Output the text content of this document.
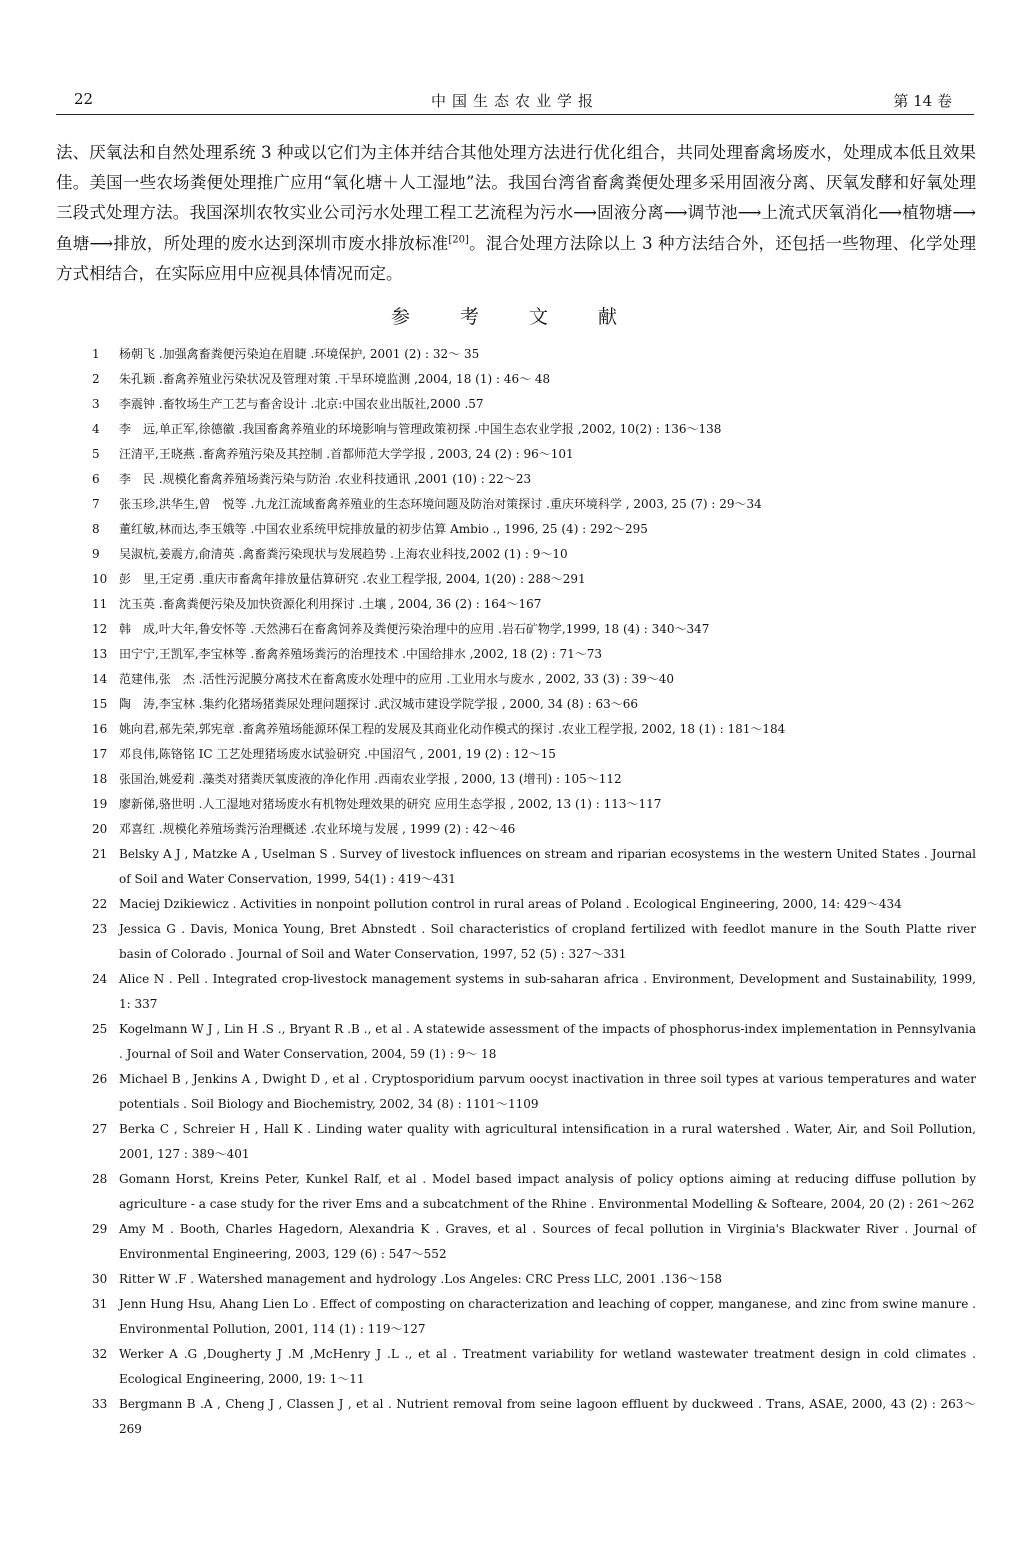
22	中国生态农业学报	第 14 卷

法、厌氧法和自然处理系统 3 种或以它们为主体并结合其他处理方法进行优化组合，共同处理畜禽场废水，处理成本低且效果佳。美国一些农场粪便处理推广应用“氧化塘＋人工湿地”法。我国台湾省畜禽粪便处理多采用固液分离、厌氧发酵和好氧处理三段式处理方法。我国深圳农牧实业公司污水处理工程工艺流程为污水⟶固液分离⟶调节池⟶上流式厌氧消化⟶植物塘⟶鱼塘⟶排放，所处理的废水达到深圳市废水排放标准[20]。混合处理方法除以上 3 种方法结合外，还包括一些物理、化学处理方式相结合，在实际应用中应视具体情况而定。

参 考 文 献
1	杨朝飞 .加强禽畜粪便污染迫在眉睫 .环境保护, 2001 (2) : 32～ 35
2	朱孔颖 .畜禽养殖业污染状况及管理对策 .干旱环境监测 ,2004, 18 (1) : 46～ 48
3	李震钟 .畜牧场生产工艺与畜舍设计 .北京:中国农业出版社,2000 .57
4	李　远,单正军,徐德徽 .我国畜禽养殖业的环境影响与管理政策初探 .中国生态农业学报 ,2002, 10(2) : 136～138
5	汪清平,王晓燕 .畜禽养殖污染及其控制 .首都师范大学学报 , 2003, 24 (2) : 96～101
6	李　民 .规模化畜禽养殖场粪污染与防治 .农业科技通讯 ,2001 (10) : 22～23
7	张玉珍,洪华生,曾　悦等 .九龙江流域畜禽养殖业的生态环境问题及防治对策探讨 .重庆环境科学 , 2003, 25 (7) : 29～34
8	董红敏,林而达,李玉娥等 .中国农业系统甲烷排放量的初步估算 Ambio ., 1996, 25 (4) : 292～295
9	吴淑杭,姜震方,俞清英 .禽畜粪污染现状与发展趋势 .上海农业科技,2002 (1) : 9～10
10 彭　里,王定勇 .重庆市畜禽年排放量估算研究 .农业工程学报, 2004, 1(20) : 288～291
11 沈玉英 .畜禽粪便污染及加快资源化利用探讨 .土壤 , 2004, 36 (2) : 164～167
12 韩　成,叶大年,鲁安怀等 .天然沸石在畜禽饲养及粪便污染治理中的应用 .岩石矿物学,1999, 18 (4) : 340～347
13 田宁宁,王凯军,李宝林等 .畜禽养殖场粪污的治理技术 .中国给排水 ,2002, 18 (2) : 71～73
14 范建伟,张　杰 .活性污泥膜分离技术在畜禽废水处理中的应用 .工业用水与废水 , 2002, 33 (3) : 39～40
15 陶　涛,李宝林 .集约化猪场猪粪尿处理问题探讨 .武汉城市建设学院学报 , 2000, 34 (8) : 63～66
16 姚向君,郝先荣,郭宪章 .畜禽养殖场能源环保工程的发展及其商业化动作模式的探讨 .农业工程学报, 2002, 18 (1) : 181～184
17 邓良伟,陈铬铭 IC 工艺处理猪场废水试验研究 .中国沼气 , 2001, 19 (2) : 12～15
18 张国治,姚爱莉 .藻类对猪粪厌氧废液的净化作用 .西南农业学报 , 2000, 13 (增刊) : 105～112
19 廖新俤,骆世明 .人工湿地对猪场废水有机物处理效果的研究 应用生态学报 , 2002, 13 (1) : 113～117
20 邓喜红 .规模化养殖场粪污治理概述 .农业环境与发展 , 1999 (2) : 42～46
21 Belsky A J , Matzke A , Uselman S . Survey of livestock influences on stream and riparian ecosystems in the western United States . Journal of Soil and Water Conservation, 1999, 54(1) : 419～431
22 Maciej Dzikiewicz . Activities in nonpoint pollution control in rural areas of Poland . Ecological Engineering, 2000, 14: 429～434
23 Jessica G . Davis, Monica Young, Bret Abnstedt . Soil characteristics of cropland fertilized with feedlot manure in the South Platte river basin of Colorado . Journal of Soil and Water Conservation, 1997, 52 (5) : 327～331
24 Alice N . Pell . Integrated crop-livestock management systems in sub-saharan africa . Environment, Development and Sustainability, 1999, 1: 337
25 Kogelmann W J , Lin H .S ., Bryant R .B ., et al . A statewide assessment of the impacts of phosphorus-index implementation in Pennsylvania . Journal of Soil and Water Conservation, 2004, 59 (1) : 9～ 18
26 Michael B , Jenkins A , Dwight D , et al . Cryptosporidium parvum oocyst inactivation in three soil types at various temperatures and water potentials . Soil Biology and Biochemistry, 2002, 34 (8) : 1101～1109
27 Berka C , Schreier H , Hall K . Linding water quality with agricultural intensification in a rural watershed . Water, Air, and Soil Pollution, 2001, 127 : 389～401
28 Gomann Horst, Kreins Peter, Kunkel Ralf, et al . Model based impact analysis of policy options aiming at reducing diffuse pollution by agriculture - a case study for the river Ems and a subcatchment of the Rhine . Environmental Modelling & Softeare, 2004, 20 (2) : 261～262
29 Amy M . Booth, Charles Hagedorn, Alexandria K . Graves, et al . Sources of fecal pollution in Virginia's Blackwater River . Journal of Environmental Engineering, 2003, 129 (6) : 547～552
30 Ritter W .F . Watershed management and hydrology .Los Angeles: CRC Press LLC, 2001 .136～158
31 Jenn Hung Hsu, Ahang Lien Lo . Effect of composting on characterization and leaching of copper, manganese, and zinc from swine manure . Environmental Pollution, 2001, 114 (1) : 119～127
32 Werker A .G ,Dougherty J .M ,McHenry J .L ., et al . Treatment variability for wetland wastewater treatment design in cold climates . Ecological Engineering, 2000, 19: 1～11
33 Bergmann B .A , Cheng J , Classen J , et al . Nutrient removal from seine lagoon effluent by duckweed . Trans, ASAE, 2000, 43 (2) : 263～269
